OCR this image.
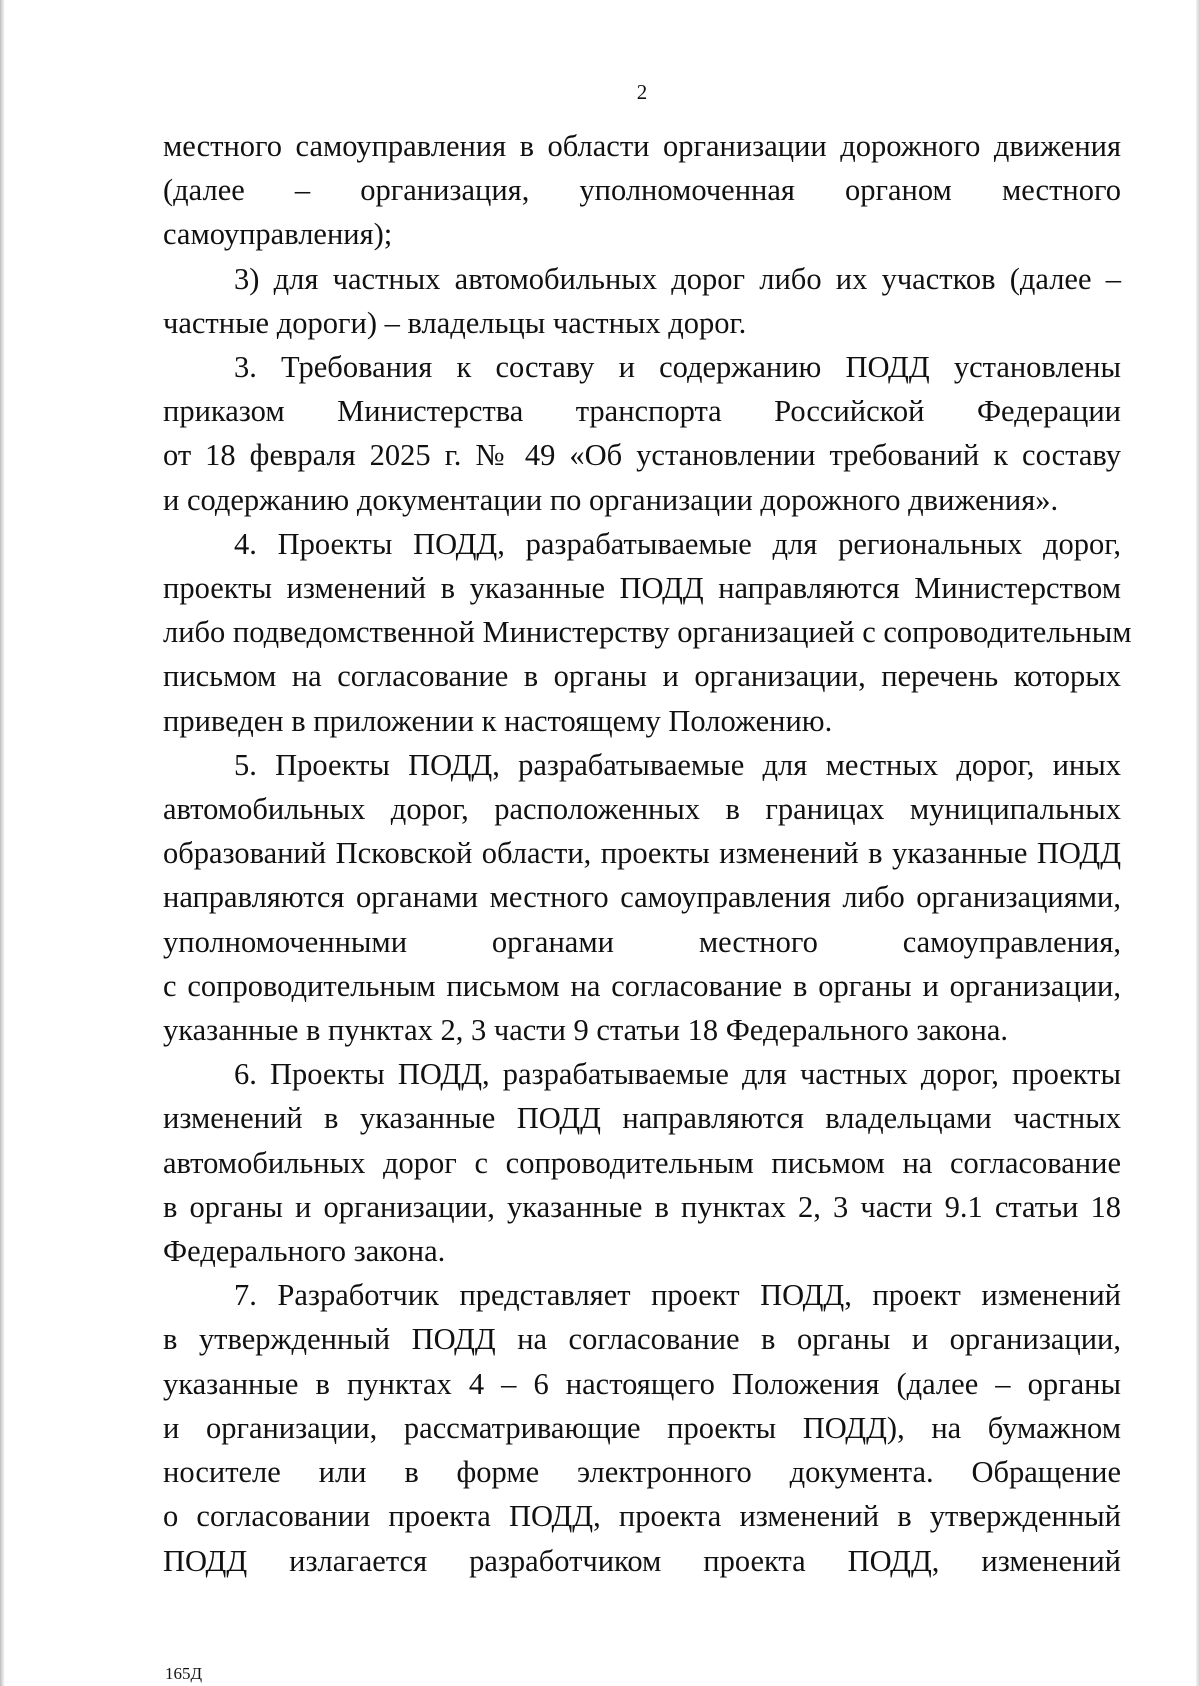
2

местного самоуправления в области организации дорожного движения
(далее – организация, уполномоченная органом местного
самоуправления);

3) для частных автомобильных дорог либо их участков (далее –
частные дороги) – владельцы частных дорог.

3. Требования к составу и содержанию ПОДД установлены
приказом Министерства транспорта Российской Федерации
от 18 февраля 2025 г. № 49 «Об установлении требований к составу
и содержанию документации по организации дорожного движения».

4. Проекты ПОДД, разрабатываемые для региональных дорог,
проекты изменений в указанные ПОДД направляются Министерством
либо подведомственной Министерству организацией с сопроводительным
письмом на согласование в органы и организации, перечень которых
приведен в приложении к настоящему Положению.

5. Проекты ПОДД, разрабатываемые для местных дорог, иных
автомобильных дорог, расположенных в границах муниципальных
образований Псковской области, проекты изменений в указанные ПОДД
направляются органами местного самоуправления либо организациями,
уполномоченными органами местного самоуправления,
с сопроводительным письмом на согласование в органы и организации,
указанные в пунктах 2, 3 части 9 статьи 18 Федерального закона.

6. Проекты ПОДД, разрабатываемые для частных дорог, проекты
изменений в указанные ПОДД направляются владельцами частных
автомобильных дорог с сопроводительным письмом на согласование
в органы и организации, указанные в пунктах 2, 3 части 9.1 статьи 18
Федерального закона.

7. Разработчик представляет проект ПОДД, проект изменений
в утвержденный ПОДД на согласование в органы и организации,
указанные в пунктах 4 – 6 настоящего Положения (далее – органы
и организации, рассматривающие проекты ПОДД), на бумажном
носителе или в форме электронного документа. Обращение
о согласовании проекта ПОДД, проекта изменений в утвержденный
ПОДД излагается разработчиком проекта ПОДД, изменений

165Д
